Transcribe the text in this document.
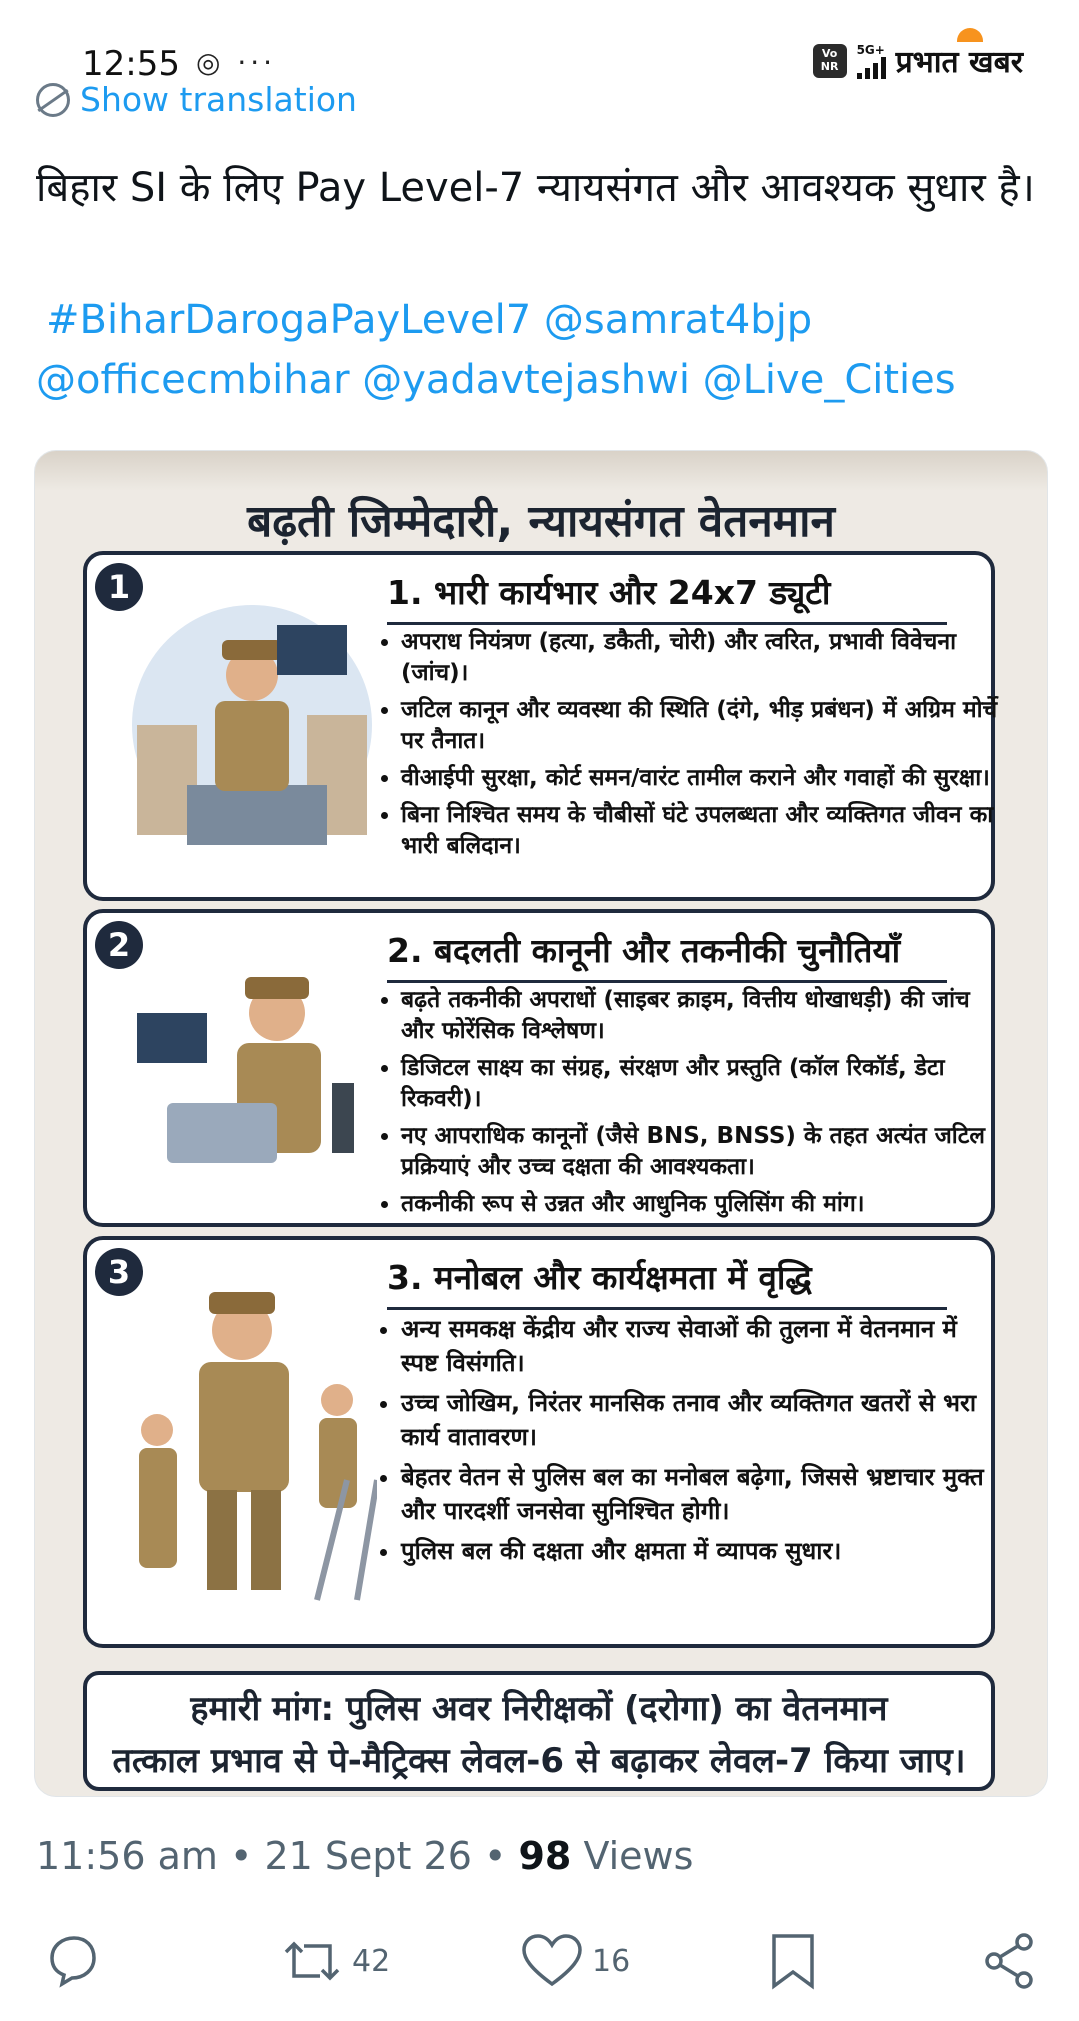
12:55 ◎ ···	Vo
NR
5G+ प्रभात खबर
Show translation
बिहार SI के लिए Pay Level-7 न्यायसंगत और आवश्यक सुधार है।
#BiharDarogaPayLevel7 @samrat4bjp
@officecmbihar @yadavtejashwi @Live_Cities
बढ़ती जिम्मेदारी, न्यायसंगत वेतनमान
1	1. भारी कार्यभार और 24x7 ड्यूटी
• अपराध नियंत्रण (हत्या, डकैती, चोरी) और त्वरित, प्रभावी विवेचना (जांच)।
• जटिल कानून और व्यवस्था की स्थिति (दंगे, भीड़ प्रबंधन) में अग्रिम मोर्चे पर तैनात।
• वीआईपी सुरक्षा, कोर्ट समन/वारंट तामील कराने और गवाहों की सुरक्षा।
• बिना निश्चित समय के चौबीसों घंटे उपलब्धता और व्यक्तिगत जीवन का भारी बलिदान।
2	2. बदलती कानूनी और तकनीकी चुनौतियाँ
• बढ़ते तकनीकी अपराधों (साइबर क्राइम, वित्तीय धोखाधड़ी) की जांच और फोरेंसिक विश्लेषण।
• डिजिटल साक्ष्य का संग्रह, संरक्षण और प्रस्तुति (कॉल रिकॉर्ड, डेटा रिकवरी)।
• नए आपराधिक कानूनों (जैसे BNS, BNSS) के तहत अत्यंत जटिल प्रक्रियाएं और उच्च दक्षता की आवश्यकता।
• तकनीकी रूप से उन्नत और आधुनिक पुलिसिंग की मांग।
3	3. मनोबल और कार्यक्षमता में वृद्धि
• अन्य समकक्ष केंद्रीय और राज्य सेवाओं की तुलना में वेतनमान में स्पष्ट विसंगति।
• उच्च जोखिम, निरंतर मानसिक तनाव और व्यक्तिगत खतरों से भरा कार्य वातावरण।
• बेहतर वेतन से पुलिस बल का मनोबल बढ़ेगा, जिससे भ्रष्टाचार मुक्त और पारदर्शी जनसेवा सुनिश्चित होगी।
• पुलिस बल की दक्षता और क्षमता में व्यापक सुधार।
हमारी मांग: पुलिस अवर निरीक्षकों (दरोगा) का वेतनमान
तत्काल प्रभाव से पे-मैट्रिक्स लेवल-6 से बढ़ाकर लेवल-7 किया जाए।
11:56 am • 21 Sept 26 • 98 Views
42	16
